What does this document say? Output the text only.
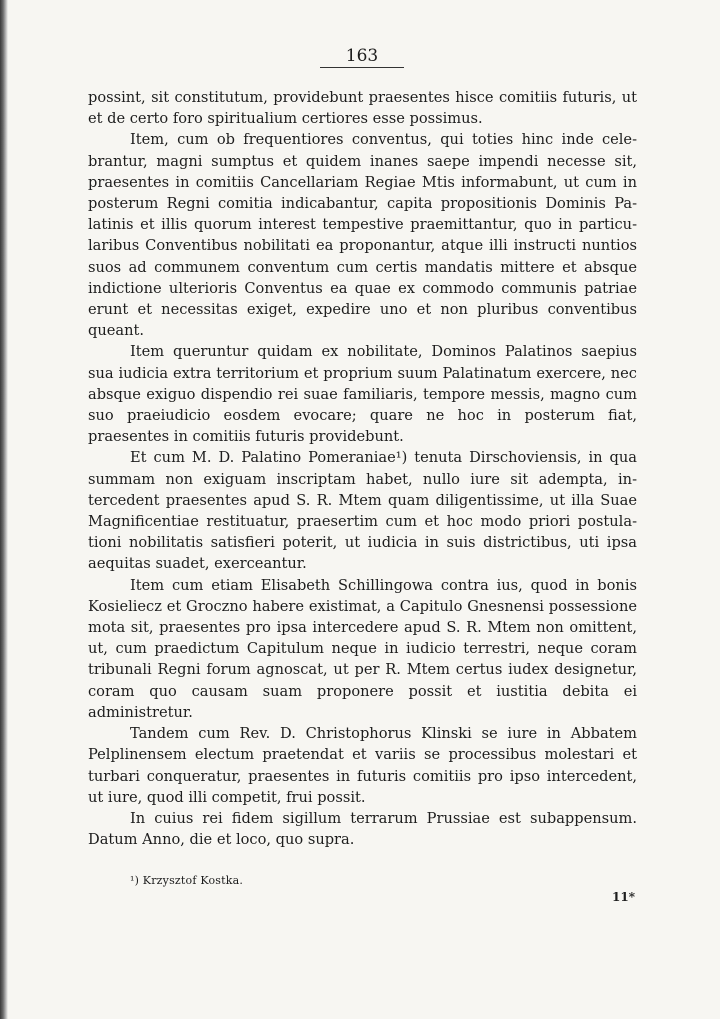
163

possint, sit constitutum, providebunt praesentes hisce comitiis futuris, ut et de certo foro spiritualium certiores esse possimus.

Item, cum ob frequentiores conventus, qui toties hinc inde celebrantur, magni sumptus et quidem inanes saepe impendi necesse sit, praesentes in comitiis Cancellariam Regiae Mtis informabunt, ut cum in posterum Regni comitia indicabantur, capita propositionis Dominis Palatinis et illis quorum interest tempestive praemittantur, quo in particularibus Conventibus nobilitati ea proponantur, atque illi instructi nuntios suos ad communem conventum cum certis mandatis mittere et absque indictione ulterioris Conventus ea quae ex commodo communis patriae erunt et necessitas exiget, expedire uno et non pluribus conventibus queant.

Item queruntur quidam ex nobilitate, Dominos Palatinos saepius sua iudicia extra territorium et proprium suum Palatinatum exercere, nec absque exiguo dispendio rei suae familiaris, tempore messis, magno cum suo praeiudicio eosdem evocare; quare ne hoc in posterum fiat, praesentes in comitiis futuris providebunt.

Et cum M. D. Palatino Pomeraniae¹) tenuta Dirschoviensis, in qua summam non exiguam inscriptam habet, nullo iure sit adempta, intercedent praesentes apud S. R. Mtem quam diligentissime, ut illa Suae Magnificentiae restituatur, praesertim cum et hoc modo priori postulationi nobilitatis satisfieri poterit, ut iudicia in suis districtibus, uti ipsa aequitas suadet, exerceantur.

Item cum etiam Elisabeth Schillingowa contra ius, quod in bonis Kosieliecz et Groczno habere existimat, a Capitulo Gnesnensi possessione mota sit, praesentes pro ipsa intercedere apud S. R. Mtem non omittent, ut, cum praedictum Capitulum neque in iudicio terrestri, neque coram tribunali Regni forum agnoscat, ut per R. Mtem certus iudex designetur, coram quo causam suam proponere possit et iustitia debita ei administretur.

Tandem cum Rev. D. Christophorus Klinski se iure in Abbatem Pelplinensem electum praetendat et variis se processibus molestari et turbari conqueratur, praesentes in futuris comitiis pro ipso intercedent, ut iure, quod illi competit, frui possit.

In cuius rei fidem sigillum terrarum Prussiae est subappensum. Datum Anno, die et loco, quo supra.

¹) Krzysztof Kostka.
11*
